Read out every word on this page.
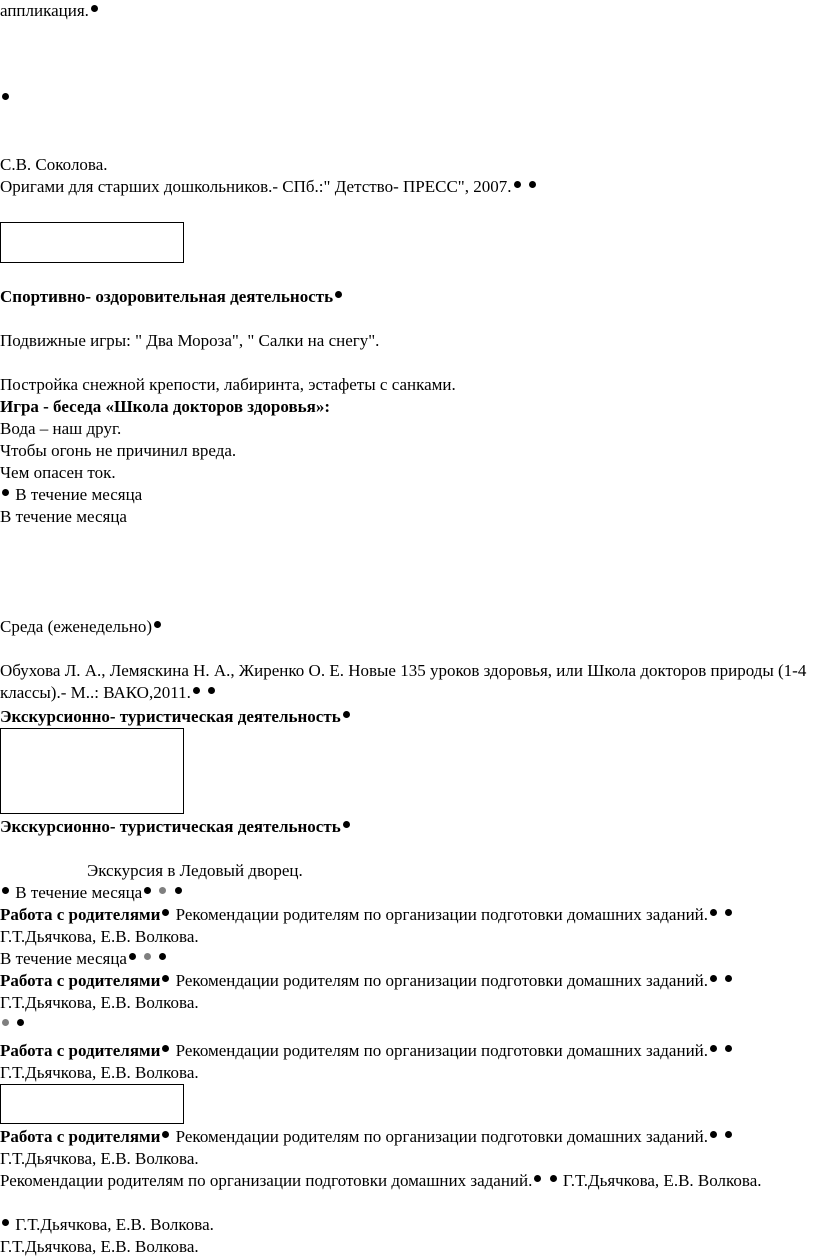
аппликация.
С.В. Соколова.
Оригами для старших дошкольников.- СПб.:" Детство- ПРЕСС", 2007.
Спортивно- оздоровительная деятельность
Подвижные игры: " Два Мороза", " Салки на снегу".
Постройка снежной крепости, лабиринта, эстафеты с санками.
Игра - беседа «Школа докторов здоровья»:
Вода – наш друг.
Чтобы огонь не причинил вреда.
Чем опасен ток.
В течение месяца
В течение месяца
Среда (еженедельно)
Обухова Л. А., Лемяскина Н. А., Жиренко О. Е. Новые 135 уроков здоровья, или Школа докторов природы (1-4 классы).- М..: ВАКО,2011.
Экскурсионно- туристическая деятельность
Экскурсионно- туристическая деятельность
Экскурсия в Ледовый дворец.
В течение месяца
Работа с родителями Рекомендации родителям по организации подготовки домашних заданий.  Г.Т.Дьячкова, Е.В. Волкова.
В течение месяца
Работа с родителями Рекомендации родителям по организации подготовки домашних заданий.  Г.Т.Дьячкова, Е.В. Волкова.

Работа с родителями Рекомендации родителям по организации подготовки домашних заданий.  Г.Т.Дьячкова, Е.В. Волкова.
Работа с родителями Рекомендации родителям по организации подготовки домашних заданий.  Г.Т.Дьячкова, Е.В. Волкова.
Рекомендации родителям по организации подготовки домашних заданий. Г.Т.Дьячкова, Е.В. Волкова.
Г.Т.Дьячкова, Е.В. Волкова.
Г.Т.Дьячкова, Е.В. Волкова.
